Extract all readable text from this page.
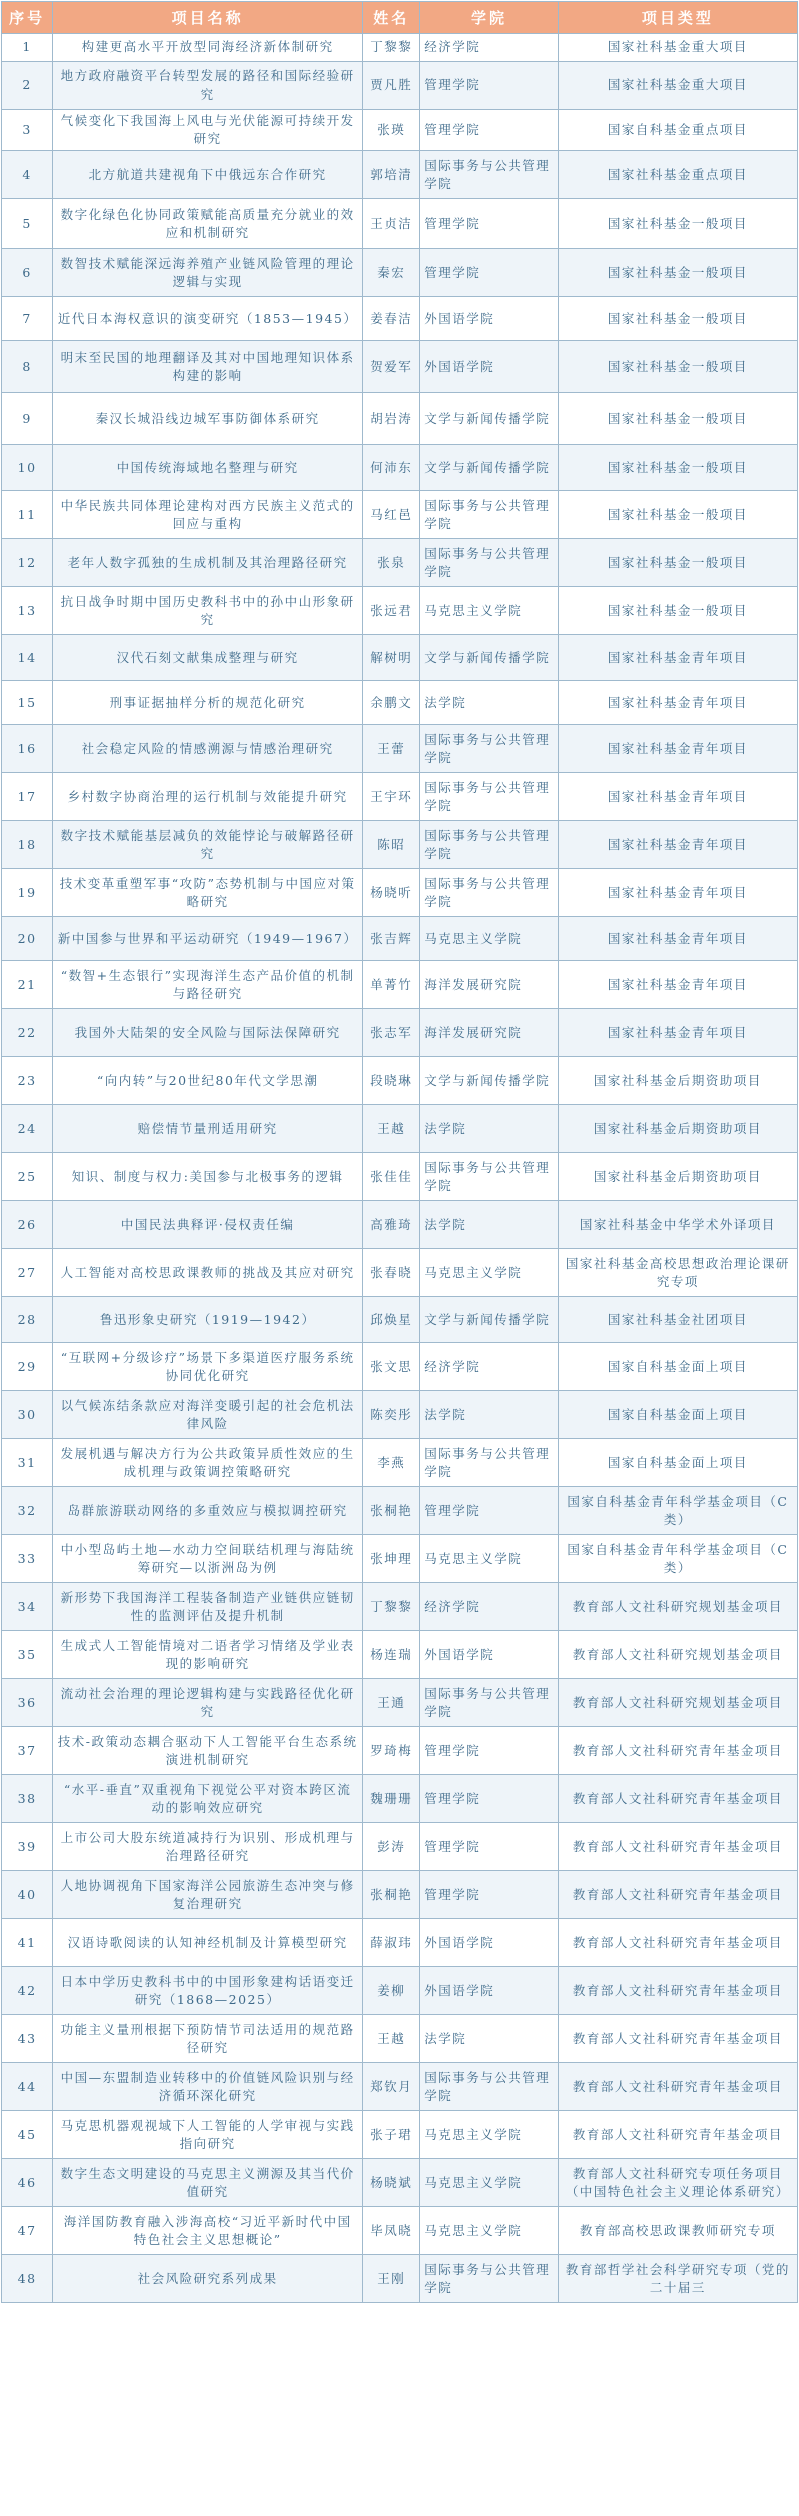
序号	项目名称	姓名	学院	项目类型
1	构建更高水平开放型同海经济新体制研究	丁黎黎	经济学院	国家社科基金重大项目
2	地方政府融资平台转型发展的路径和国际经验研究	贾凡胜	管理学院	国家社科基金重大项目
3	气候变化下我国海上风电与光伏能源可持续开发研究	张瑛	管理学院	国家自科基金重点项目
4	北方航道共建视角下中俄远东合作研究	郭培清	国际事务与公共管理学院	国家社科基金重点项目
5	数字化绿色化协同政策赋能高质量充分就业的效应和机制研究	王贞洁	管理学院	国家社科基金一般项目
6	数智技术赋能深远海养殖产业链风险管理的理论逻辑与实现	秦宏	管理学院	国家社科基金一般项目
7	近代日本海权意识的演变研究（1853—1945）	姜春洁	外国语学院	国家社科基金一般项目
8	明末至民国的地理翻译及其对中国地理知识体系构建的影响	贺爱军	外国语学院	国家社科基金一般项目
9	秦汉长城沿线边城军事防御体系研究	胡岩涛	文学与新闻传播学院	国家社科基金一般项目
10	中国传统海域地名整理与研究	何沛东	文学与新闻传播学院	国家社科基金一般项目
11	中华民族共同体理论建构对西方民族主义范式的回应与重构	马红邑	国际事务与公共管理学院	国家社科基金一般项目
12	老年人数字孤独的生成机制及其治理路径研究	张泉	国际事务与公共管理学院	国家社科基金一般项目
13	抗日战争时期中国历史教科书中的孙中山形象研究	张远君	马克思主义学院	国家社科基金一般项目
14	汉代石刻文献集成整理与研究	解树明	文学与新闻传播学院	国家社科基金青年项目
15	刑事证据抽样分析的规范化研究	余鹏文	法学院	国家社科基金青年项目
16	社会稳定风险的情感溯源与情感治理研究	王蕾	国际事务与公共管理学院	国家社科基金青年项目
17	乡村数字协商治理的运行机制与效能提升研究	王宇环	国际事务与公共管理学院	国家社科基金青年项目
18	数字技术赋能基层减负的效能悖论与破解路径研究	陈昭	国际事务与公共管理学院	国家社科基金青年项目
19	技术变革重塑军事“攻防”态势机制与中国应对策略研究	杨晓听	国际事务与公共管理学院	国家社科基金青年项目
20	新中国参与世界和平运动研究（1949—1967）	张吉辉	马克思主义学院	国家社科基金青年项目
21	“数智+生态银行”实现海洋生态产品价值的机制与路径研究	单菁竹	海洋发展研究院	国家社科基金青年项目
22	我国外大陆架的安全风险与国际法保障研究	张志军	海洋发展研究院	国家社科基金青年项目
23	“向内转”与20世纪80年代文学思潮	段晓琳	文学与新闻传播学院	国家社科基金后期资助项目
24	赔偿情节量刑适用研究	王越	法学院	国家社科基金后期资助项目
25	知识、制度与权力:美国参与北极事务的逻辑	张佳佳	国际事务与公共管理学院	国家社科基金后期资助项目
26	中国民法典释评·侵权责任编	高雅琦	法学院	国家社科基金中华学术外译项目
27	人工智能对高校思政课教师的挑战及其应对研究	张春晓	马克思主义学院	国家社科基金高校思想政治理论课研究专项
28	鲁迅形象史研究（1919—1942）	邱焕星	文学与新闻传播学院	国家社科基金社团项目
29	“互联网+分级诊疗”场景下多渠道医疗服务系统协同优化研究	张文思	经济学院	国家自科基金面上项目
30	以气候冻结条款应对海洋变暖引起的社会危机法律风险	陈奕彤	法学院	国家自科基金面上项目
31	发展机遇与解决方行为公共政策异质性效应的生成机理与政策调控策略研究	李燕	国际事务与公共管理学院	国家自科基金面上项目
32	岛群旅游联动网络的多重效应与模拟调控研究	张桐艳	管理学院	国家自科基金青年科学基金项目（C类）
33	中小型岛屿土地—水动力空间联结机理与海陆统筹研究—以浙洲岛为例	张坤理	马克思主义学院	国家自科基金青年科学基金项目（C类）
34	新形势下我国海洋工程装备制造产业链供应链韧性的监测评估及提升机制	丁黎黎	经济学院	教育部人文社科研究规划基金项目
35	生成式人工智能情境对二语者学习情绪及学业表现的影响研究	杨连瑞	外国语学院	教育部人文社科研究规划基金项目
36	流动社会治理的理论逻辑构建与实践路径优化研究	王通	国际事务与公共管理学院	教育部人文社科研究规划基金项目
37	技术-政策动态耦合驱动下人工智能平台生态系统演进机制研究	罗琦梅	管理学院	教育部人文社科研究青年基金项目
38	“水平-垂直”双重视角下视觉公平对资本跨区流动的影响效应研究	魏珊珊	管理学院	教育部人文社科研究青年基金项目
39	上市公司大股东统道减持行为识别、形成机理与治理路径研究	彭涛	管理学院	教育部人文社科研究青年基金项目
40	人地协调视角下国家海洋公园旅游生态冲突与修复治理研究	张桐艳	管理学院	教育部人文社科研究青年基金项目
41	汉语诗歌阅读的认知神经机制及计算模型研究	薛淑玮	外国语学院	教育部人文社科研究青年基金项目
42	日本中学历史教科书中的中国形象建构话语变迁研究（1868—2025）	姜柳	外国语学院	教育部人文社科研究青年基金项目
43	功能主义量刑根据下预防情节司法适用的规范路径研究	王越	法学院	教育部人文社科研究青年基金项目
44	中国—东盟制造业转移中的价值链风险识别与经济循环深化研究	郑钦月	国际事务与公共管理学院	教育部人文社科研究青年基金项目
45	马克思机器观视域下人工智能的人学审视与实践指向研究	张子珺	马克思主义学院	教育部人文社科研究青年基金项目
46	数字生态文明建设的马克思主义溯源及其当代价值研究	杨晓斌	马克思主义学院	教育部人文社科研究专项任务项目（中国特色社会主义理论体系研究）
47	海洋国防教育融入涉海高校“习近平新时代中国特色社会主义思想概论”	毕凤晓	马克思主义学院	教育部高校思政课教师研究专项
48	社会风险研究系列成果	王刚	国际事务与公共管理学院	教育部哲学社会科学研究专项（党的二十届三
